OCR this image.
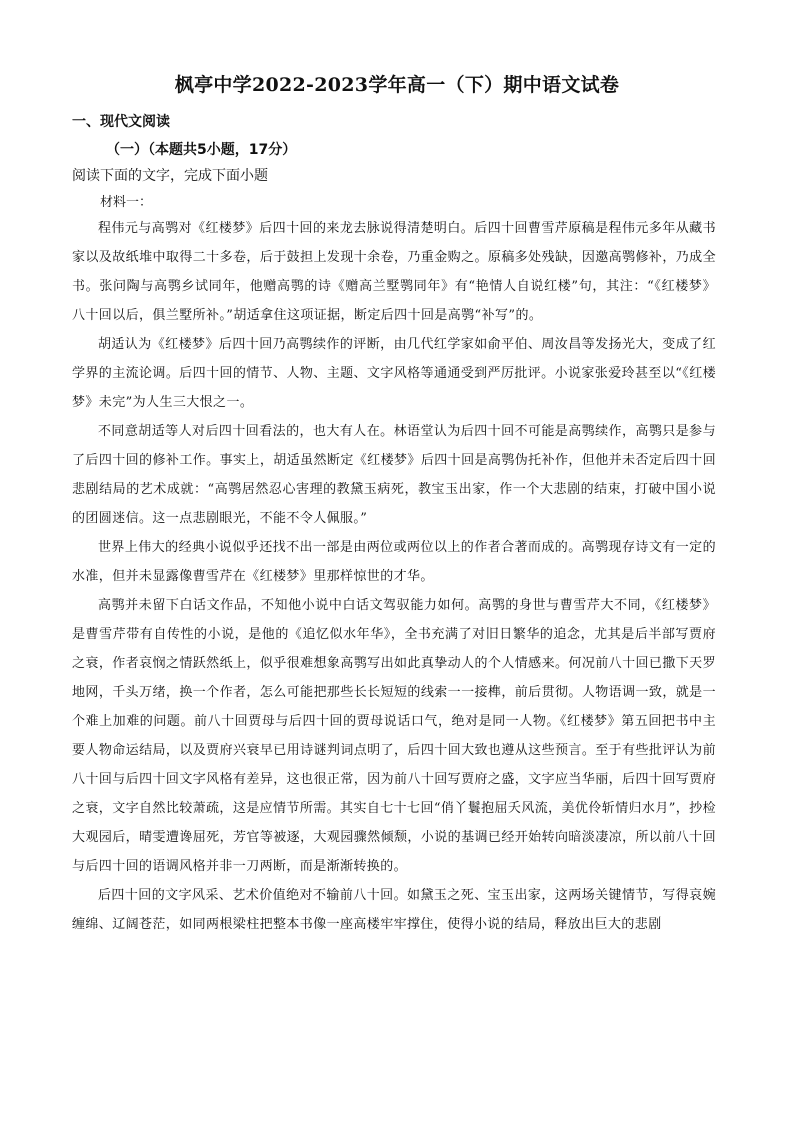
枫亭中学2022-2023学年高一（下）期中语文试卷
一、现代文阅读
（一）（本题共5小题，17分）
阅读下面的文字，完成下面小题
材料一：

程伟元与高鹗对《红楼梦》后四十回的来龙去脉说得清楚明白。后四十回曹雪芹原稿是程伟元多年从藏书家以及故纸堆中取得二十多卷，后于鼓担上发现十余卷，乃重金购之。原稿多处残缺，因邀高鹗修补，乃成全书。张问陶与高鹗乡试同年，他赠高鹗的诗《赠高兰墅鹗同年》有“艳情人自说红楼”句，其注：“《红楼梦》八十回以后，俱兰墅所补。”胡适拿住这项证据，断定后四十回是高鹗“补写”的。

胡适认为《红楼梦》后四十回乃高鹗续作的评断，由几代红学家如俞平伯、周汝昌等发扬光大，变成了红学界的主流论调。后四十回的情节、人物、主题、文字风格等通通受到严厉批评。小说家张爱玲甚至以“《红楼梦》未完”为人生三大恨之一。

不同意胡适等人对后四十回看法的，也大有人在。林语堂认为后四十回不可能是高鹗续作，高鹗只是参与了后四十回的修补工作。事实上，胡适虽然断定《红楼梦》后四十回是高鹗伪托补作，但他并未否定后四十回悲剧结局的艺术成就：“高鹗居然忍心害理的教黛玉病死，教宝玉出家，作一个大悲剧的结束，打破中国小说的团圆迷信。这一点悲剧眼光，不能不令人佩服。”

世界上伟大的经典小说似乎还找不出一部是由两位或两位以上的作者合著而成的。高鹗现存诗文有一定的水准，但并未显露像曹雪芹在《红楼梦》里那样惊世的才华。

高鹗并未留下白话文作品，不知他小说中白话文驾驭能力如何。高鹗的身世与曹雪芹大不同，《红楼梦》是曹雪芹带有自传性的小说，是他的《追忆似水年华》，全书充满了对旧日繁华的追念，尤其是后半部写贾府之衰，作者哀悯之情跃然纸上，似乎很难想象高鹗写出如此真挚动人的个人情感来。何况前八十回已撒下天罗地网，千头万绪，换一个作者，怎么可能把那些长长短短的线索一一接榫，前后贯彻。人物语调一致，就是一个难上加难的问题。前八十回贾母与后四十回的贾母说话口气，绝对是同一人物。《红楼梦》第五回把书中主要人物命运结局，以及贾府兴衰早已用诗谜判词点明了，后四十回大致也遵从这些预言。至于有些批评认为前八十回与后四十回文字风格有差异，这也很正常，因为前八十回写贾府之盛，文字应当华丽，后四十回写贾府之衰，文字自然比较萧疏，这是应情节所需。其实自七十七回“俏丫鬟抱屈夭风流，美优伶斩情归水月”，抄检大观园后，晴雯遭谗屈死，芳官等被逐，大观园骤然倾颓，小说的基调已经开始转向暗淡凄凉，所以前八十回与后四十回的语调风格并非一刀两断，而是渐渐转换的。

后四十回的文字风采、艺术价值绝对不输前八十回。如黛玉之死、宝玉出家，这两场关键情节，写得哀婉缠绵、辽阔苍茫，如同两根梁柱把整本书像一座高楼牢牢撑住，使得小说的结局，释放出巨大的悲剧
